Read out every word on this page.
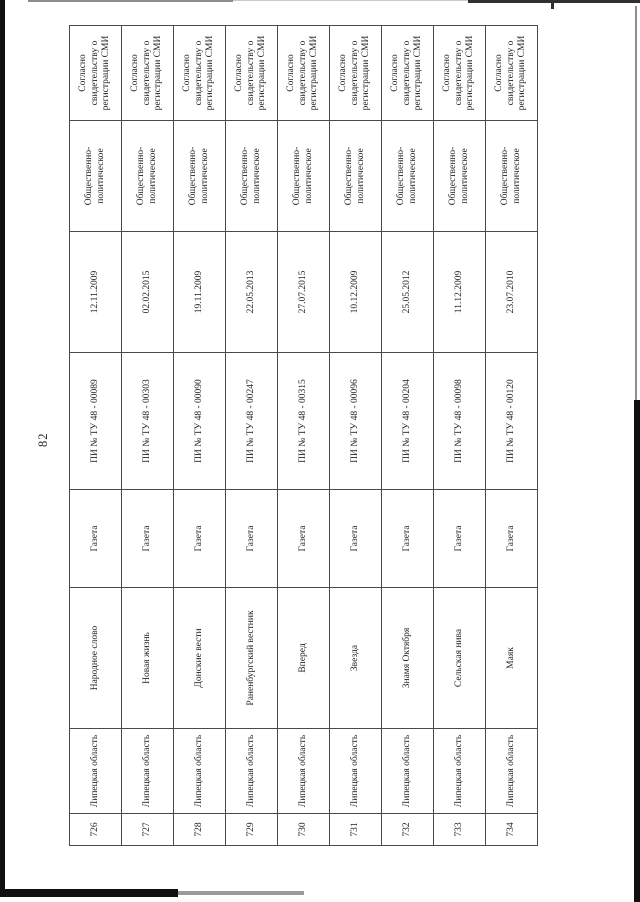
82
726	Липецкая область	Народное слово	Газета	ПИ № ТУ 48 - 00089	12.11.2009	Общественно-политическое	Согласно свидетельству о регистрации СМИ
727	Липецкая область	Новая жизнь	Газета	ПИ № ТУ 48 - 00303	02.02.2015	Общественно-политическое	Согласно свидетельству о регистрации СМИ
728	Липецкая область	Донские вести	Газета	ПИ № ТУ 48 - 00090	19.11.2009	Общественно-политическое	Согласно свидетельству о регистрации СМИ
729	Липецкая область	Раненбургский вестник	Газета	ПИ № ТУ 48 - 00247	22.05.2013	Общественно-политическое	Согласно свидетельству о регистрации СМИ
730	Липецкая область	Вперед	Газета	ПИ № ТУ 48 - 00315	27.07.2015	Общественно-политическое	Согласно свидетельству о регистрации СМИ
731	Липецкая область	Звезда	Газета	ПИ № ТУ 48 - 00096	10.12.2009	Общественно-политическое	Согласно свидетельству о регистрации СМИ
732	Липецкая область	Знамя Октября	Газета	ПИ № ТУ 48 - 00204	25.05.2012	Общественно-политическое	Согласно свидетельству о регистрации СМИ
733	Липецкая область	Сельская нива	Газета	ПИ № ТУ 48 - 00098	11.12.2009	Общественно-политическое	Согласно свидетельству о регистрации СМИ
734	Липецкая область	Маяк	Газета	ПИ № ТУ 48 - 00120	23.07.2010	Общественно-политическое	Согласно свидетельству о регистрации СМИ
